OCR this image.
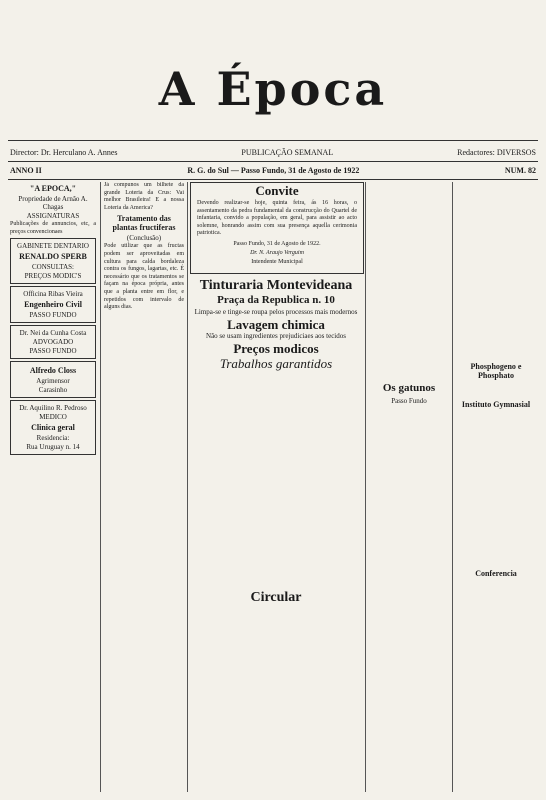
A Época
Director: Dr. Herculano A. Annes	PUBLICAÇÃO SEMANAL	Redactores: DIVERSOS
ANNO II	R. G. do Sul — Passo Fundo, 31 de Agosto de 1922	NUM. 82
"A EPOCA,"
Propriedade de Arnão A. Chagas
ASSIGNATURAS

Publicações de annuncios, etc, a preços convencionaes

GABINETE DENTARIO
RENALDO SPERB
CONSULTAS:
PREÇOS MODIC'S
Officina Ribas Vieira
Engenheiro Civil
PASSO FUNDO
Dr. Nei da Cunha Costa
ADVOGADO
PASSO FUNDO
Alfredo Closs
Agrimensor
Carasinho
Dr. Aquilino R. Pedroso
MEDICO
Clinica geral
Residencia:
Rua Uruguay n. 14

Já compunos um bilhete da grande Loteria da Crus: Vai melhor Brasileira! E a nossa Loteria da America?

Tratamento das plantas fructiferas
(Conclusão)

Pode utilizar que as fructas podem ser aproveitadas em cultura para calda bordaleza contra os fungos, lagartas, etc. É necessário que os tratamentos se façam na época própria, antes que a planta entre em flor, e repetidos com intervalo de alguns dias.

Convite
Devendo realizar-se hoje, quinta feira, ás 16 horas, o assentamento da pedra fundamental da construcção do Quartel de infantaria, convido a população, em geral, para assistir ao acto solemne, honrando assim com sua presença aquella cerimonia patriotica.
Passo Fundo, 31 de Agosto de 1922.
Dr. N. Araujo Verguim
Intendente Municipal
Tinturaria Montevideana
Praça da Republica n. 10
Limpa-se e tinge-se roupa pelos processos mais modernos
Lavagem chimica
Não se usam ingredientes prejudiciaes aos tecidos
Preços modicos
Trabalhos garantidos
Circular
Os gatunos
Passo Fundo
Phosphogeno e Phosphato
Instituto Gymnasial
Conferencia
